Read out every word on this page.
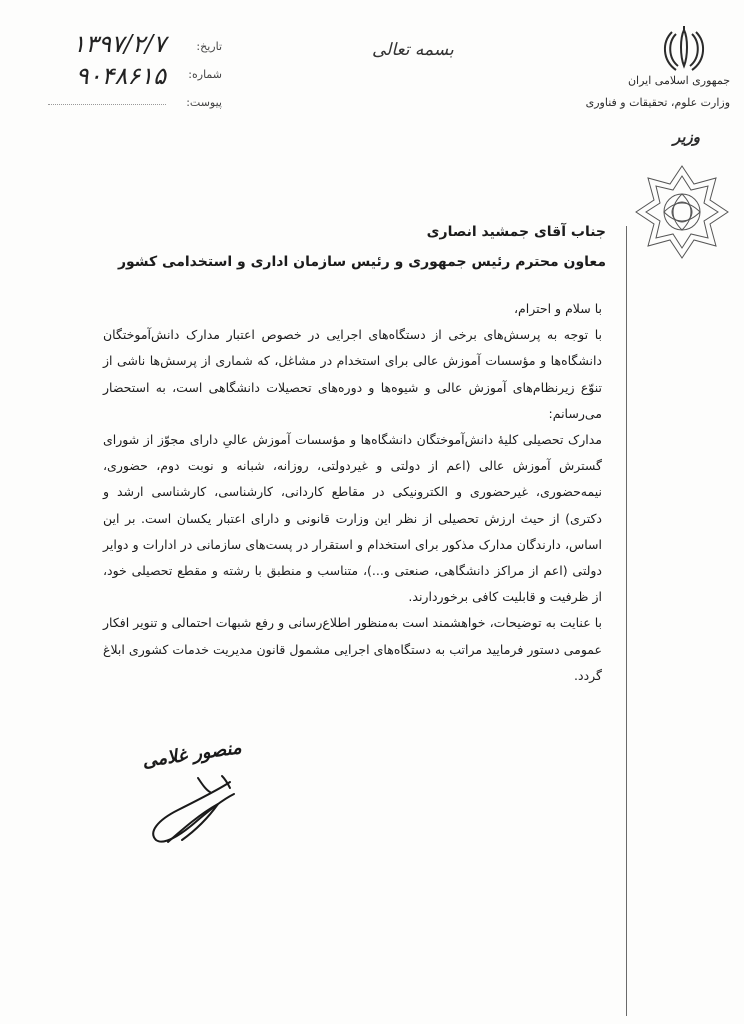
جمهوری اسلامی ایران
وزارت علوم، تحقیقات و فناوری
وزیر
بسمه تعالی
تاریخ:
۱۳۹۷/۲/۷
شماره:
۹۰۴۸۶۱۵
پیوست:
جناب آقای جمشید انصاری
معاون محترم رئیس جمهوری و رئیس سازمان اداری و استخدامی کشور

با سلام و احترام،

با توجه به پرسش‌های برخی از دستگاه‌های اجرایی در خصوص اعتبار مدارک دانش‌آموختگان دانشگاه‌ها و مؤسسات آموزش عالی برای استخدام در مشاغل، که شماری از پرسش‌ها ناشی از تنوّع زیرنظام‌های آموزش عالی و شیوه‌ها و دوره‌های تحصیلات دانشگاهی است، به استحضار می‌رسانم:

مدارک تحصیلی کلیهٔ دانش‌آموختگان دانشگاه‌ها و مؤسسات آموزش عالیِ دارای مجوّز از شورای گسترش آموزش عالی (اعم از دولتی و غیردولتی، روزانه، شبانه و نوبت دوم، حضوری، نیمه‌حضوری، غیرحضوری و الکترونیکی در مقاطع کاردانی، کارشناسی، کارشناسی ارشد و دکتری) از حیث ارزش تحصیلی از نظر این وزارت قانونی و دارای اعتبار یکسان است. بر این اساس، دارندگان مدارک مذکور برای استخدام و استقرار در پست‌های سازمانی در ادارات و دوایر دولتی (اعم از مراکز دانشگاهی، صنعتی و...)، متناسب و منطبق با رشته و مقطع تحصیلی خود، از ظرفیت و قابلیت کافی برخوردارند.

با عنایت به توضیحات، خواهشمند است به‌منظور اطلاع‌رسانی و رفع شبهات احتمالی و تنویر افکار عمومی دستور فرمایید مراتب به دستگاه‌های اجرایی مشمول قانون مدیریت خدمات کشوری ابلاغ گردد.

منصور غلامی
